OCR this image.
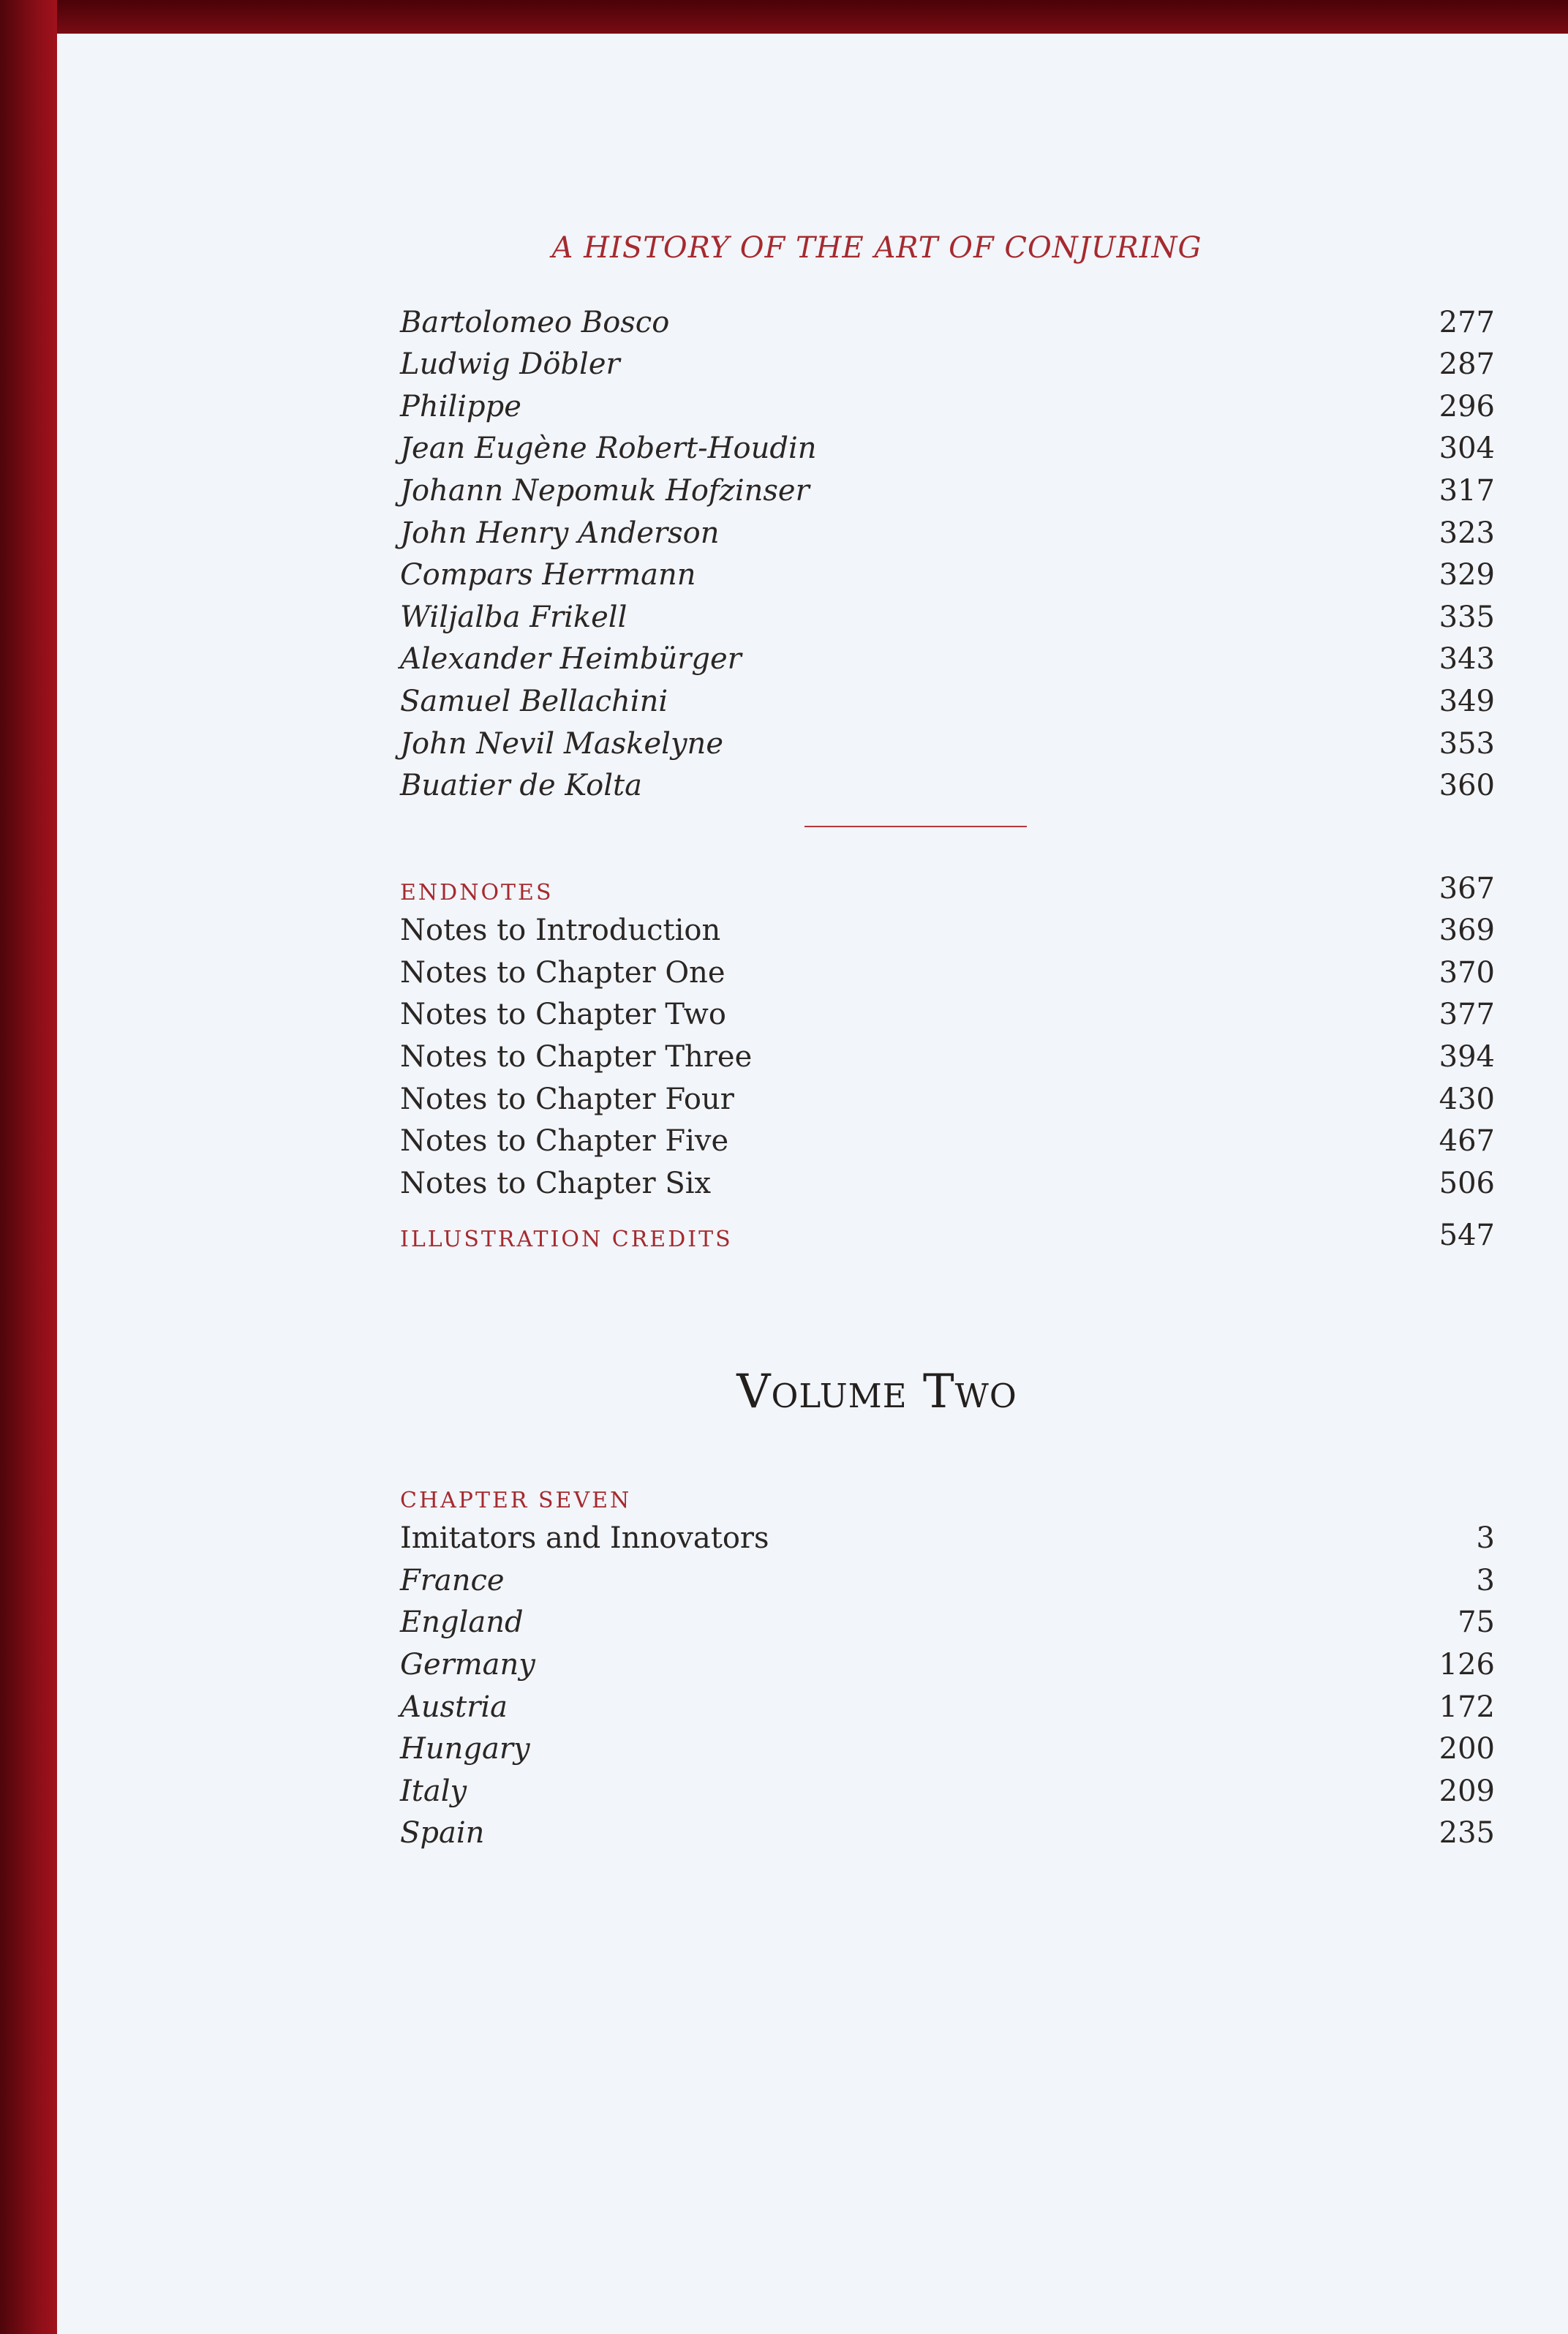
A HISTORY OF THE ART OF CONJURING
Bartolomeo Bosco	277
Ludwig Döbler	287
Philippe	296
Jean Eugène Robert-Houdin	304
Johann Nepomuk Hofzinser	317
John Henry Anderson	323
Compars Herrmann	329
Wiljalba Frikell	335
Alexander Heimbürger	343
Samuel Bellachini	349
John Nevil Maskelyne	353
Buatier de Kolta	360
ENDNOTES	367
Notes to Introduction	369
Notes to Chapter One	370
Notes to Chapter Two	377
Notes to Chapter Three	394
Notes to Chapter Four	430
Notes to Chapter Five	467
Notes to Chapter Six	506
ILLUSTRATION CREDITS	547
Volume Two
CHAPTER SEVEN
Imitators and Innovators	3
France	3
England	75
Germany	126
Austria	172
Hungary	200
Italy	209
Spain	235
